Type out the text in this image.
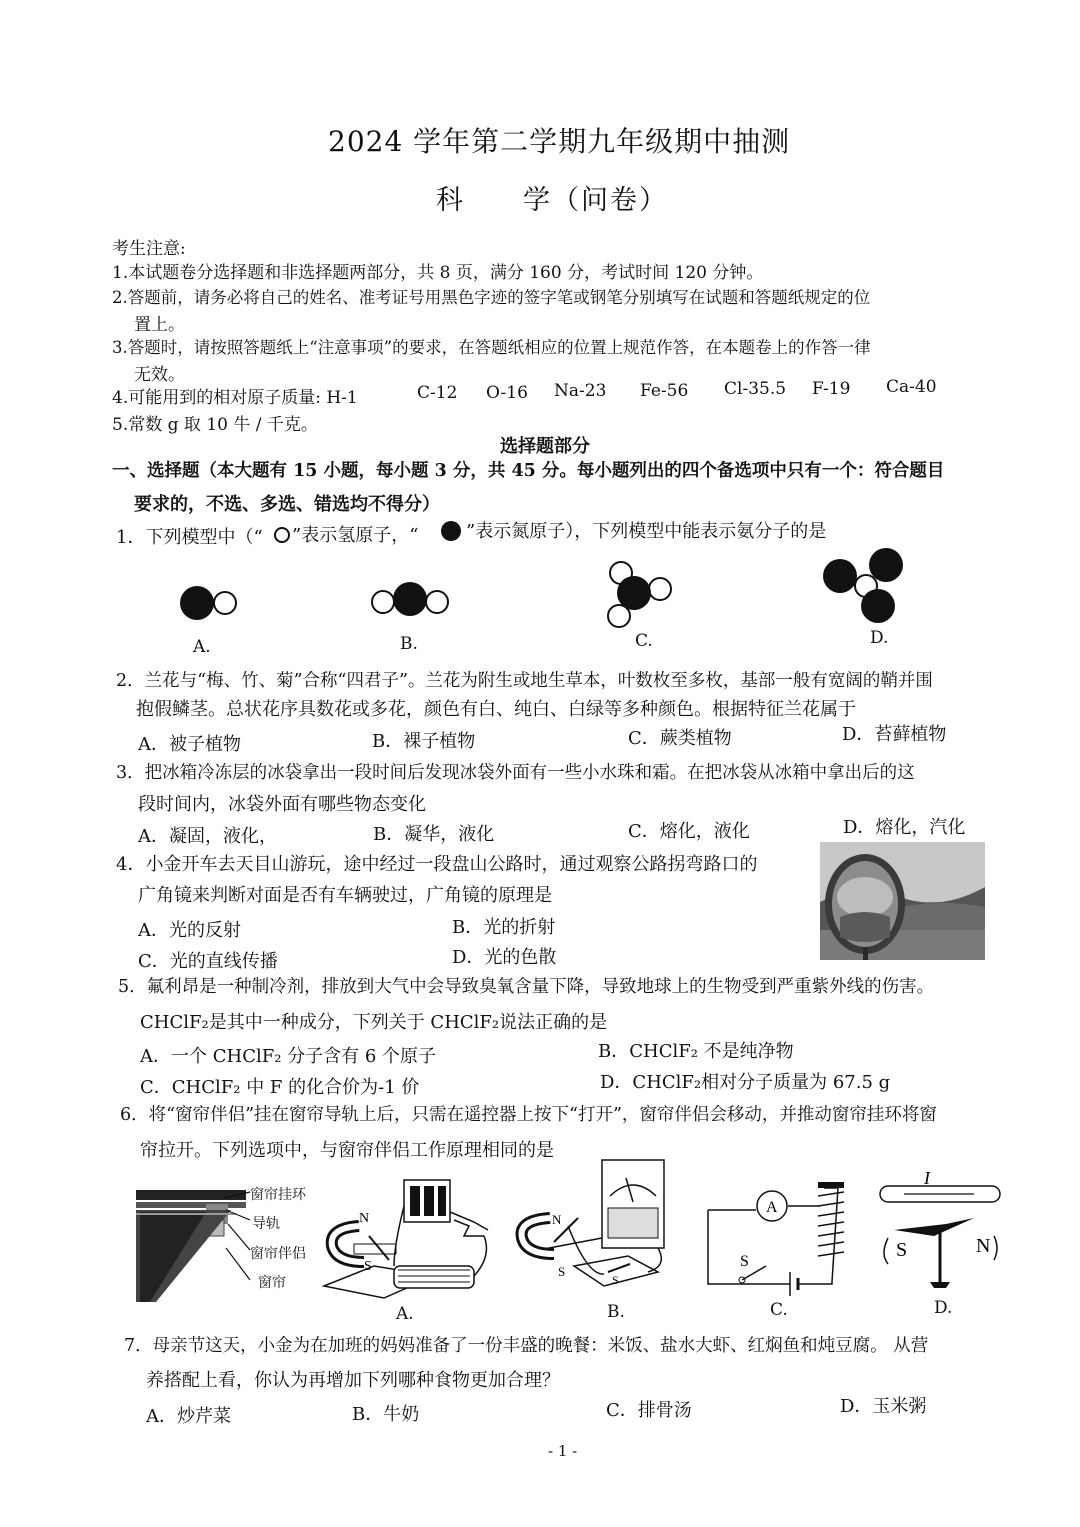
2024 学年第二学期九年级期中抽测
科　　学（问卷）
考生注意:
1.本试题卷分选择题和非选择题两部分，共 8 页，满分 160 分，考试时间 120 分钟。
2.答题前，请务必将自己的姓名、准考证号用黑色字迹的签字笔或钢笔分别填写在试题和答题纸规定的位
置上。
3.答题时，请按照答题纸上“注意事项”的要求，在答题纸相应的位置上规范作答，在本题卷上的作答一律
无效。
4.可能用到的相对原子质量: H-1	C-12 O-16 Na-23 Fe-56 Cl-35.5 F-19 Ca-40
5.常数 g 取 10 牛 / 千克。
选择题部分
一、选择题（本大题有 15 小题，每小题 3 分，共 45 分。每小题列出的四个备选项中只有一个：符合题目
要求的，不选、多选、错选均不得分）
1．下列模型中（“ ”表示氢原子，“	”表示氮原子），下列模型中能表示氨分子的是
A.	B.	C.	D.
2．兰花与“梅、竹、菊”合称“四君子”。兰花为附生或地生草本，叶数枚至多枚，基部一般有宽阔的鞘并围
抱假鳞茎。总状花序具数花或多花，颜色有白、纯白、白绿等多种颜色。根据特征兰花属于
A．被子植物	B．裸子植物	C．蕨类植物	D．苔藓植物
3．把冰箱冷冻层的冰袋拿出一段时间后发现冰袋外面有一些小水珠和霜。在把冰袋从冰箱中拿出后的这
段时间内，冰袋外面有哪些物态变化
A．凝固，液化，	B．凝华，液化	C．熔化，液化	D．熔化，汽化
4．小金开车去天目山游玩，途中经过一段盘山公路时，通过观察公路拐弯路口的
广角镜来判断对面是否有车辆驶过，广角镜的原理是
A．光的反射	B．光的折射
C．光的直线传播	D．光的色散
5．氟利昂是一种制冷剂，排放到大气中会导致臭氧含量下降，导致地球上的生物受到严重紫外线的伤害。
CHClF₂是其中一种成分，下列关于 CHClF₂说法正确的是
A．一个 CHClF₂ 分子含有 6 个原子	B．CHClF₂ 不是纯净物
C．CHClF₂ 中 F 的化合价为-1 价	D．CHClF₂相对分子质量为 67.5 g
6．将“窗帘伴侣”挂在窗帘导轨上后，只需在遥控器上按下“打开”，窗帘伴侣会移动，并推动窗帘挂环将窗
帘拉开。下列选项中，与窗帘伴侣工作原理相同的是
窗帘挂环
导轨
窗帘伴侣
窗帘
N
S
A.
N
S
S
B.
A
S
C.
I
S	N
D.
7．母亲节这天，小金为在加班的妈妈准备了一份丰盛的晚餐：米饭、盐水大虾、红焖鱼和炖豆腐。 从营
养搭配上看，你认为再增加下列哪种食物更加合理？
A．炒芹菜	B．牛奶	C．排骨汤	D．玉米粥
- 1 -
